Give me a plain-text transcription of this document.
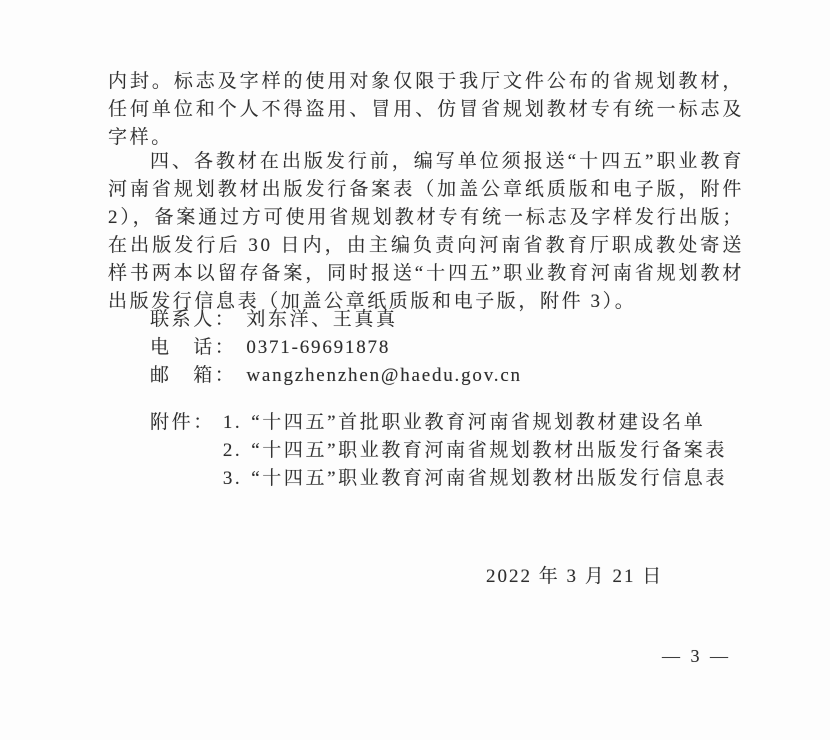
内封。标志及字样的使用对象仅限于我厅文件公布的省规划教材，任何单位和个人不得盗用、冒用、仿冒省规划教材专有统一标志及字样。
四、各教材在出版发行前，编写单位须报送“十四五”职业教育河南省规划教材出版发行备案表（加盖公章纸质版和电子版，附件 2），备案通过方可使用省规划教材专有统一标志及字样发行出版；在出版发行后 30 日内，由主编负责向河南省教育厅职成教处寄送样书两本以留存备案，同时报送“十四五”职业教育河南省规划教材出版发行信息表（加盖公章纸质版和电子版，附件 3）。
联系人： 刘东洋、王真真
电　话： 0371-69691878
邮　箱： wangzhenzhen@haedu.gov.cn
附件： 1. “十四五”首批职业教育河南省规划教材建设名单
2. “十四五”职业教育河南省规划教材出版发行备案表
3. “十四五”职业教育河南省规划教材出版发行信息表
2022 年 3 月 21 日
— 3 —
